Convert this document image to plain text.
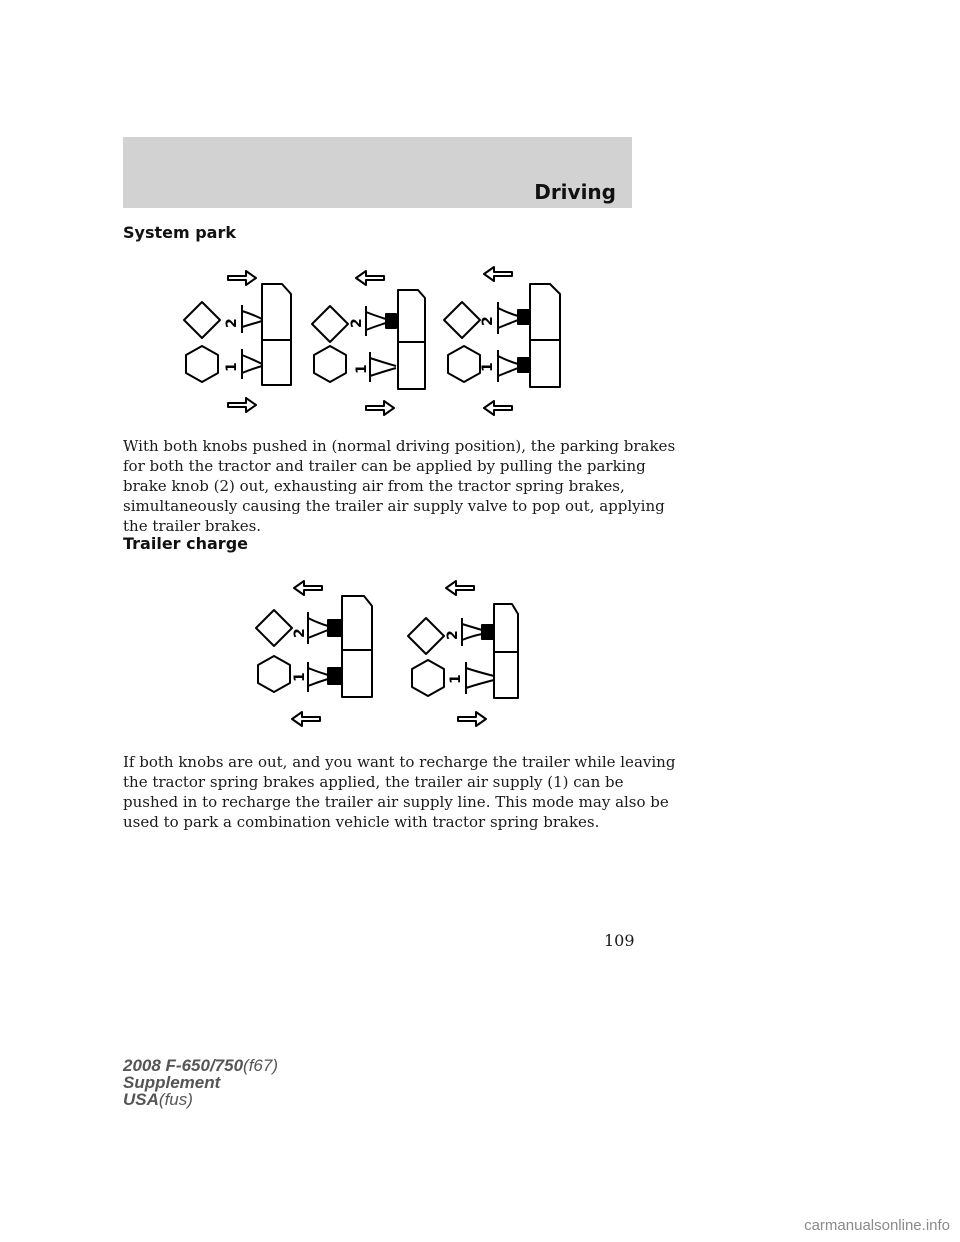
Driving
System park
2
1
2
1
2
1

With both knobs pushed in (normal driving position), the parking brakes
for both the tractor and trailer can be applied by pulling the parking
brake knob (2) out, exhausting air from the tractor spring brakes,
simultaneously causing the trailer air supply valve to pop out, applying
the trailer brakes.

Trailer charge
2
1
2
1

If both knobs are out, and you want to recharge the trailer while leaving
the tractor spring brakes applied, the trailer air supply (1) can be
pushed in to recharge the trailer air supply line. This mode may also be
used to park a combination vehicle with tractor spring brakes.

109
2008 F-650/750(f67)
Supplement
USA(fus)
carmanualsonline.info
